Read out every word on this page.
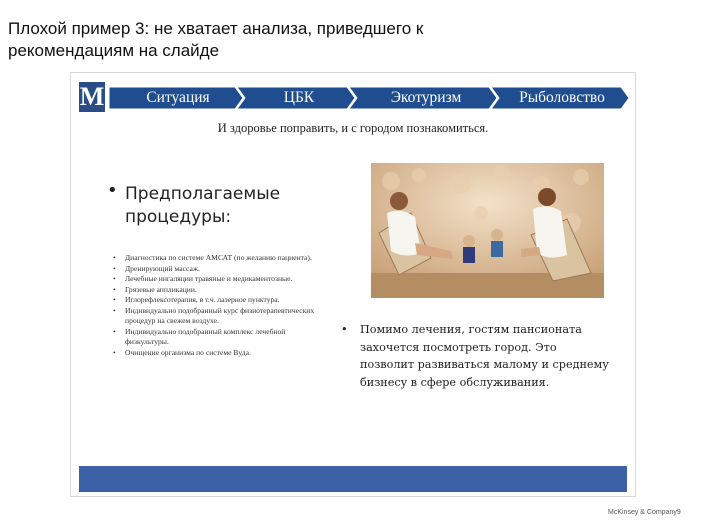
Плохой пример 3: не хватает анализа, приведшего к рекомендациям на слайде
M	Ситуация	ЦБК	Экотуризм	Рыболовство
И здоровье поправить, и с городом познакомиться.
• Предполагаемые процедуры:
• Диагностика по системе АМСАТ (по желанию пациента).
• Дренирующий массаж.
• Лечебные ингаляции травяные и медикаментозные.
• Грязевые аппликации.
• Иглорефлексотерапия, в т.ч. лазерное пунктура.
• Индивидуально подобранный курс физиотерапевтических процедур на свежем воздухе.
• Индивидуально подобранный комплекс лечебной физкультуры.
• Очищение организма по системе Вуда.
• Помимо лечения, гостям пансионата захочется посмотреть город. Это позволит развиваться малому и среднему бизнесу в сфере обслуживания.
McKinsey & Company9
